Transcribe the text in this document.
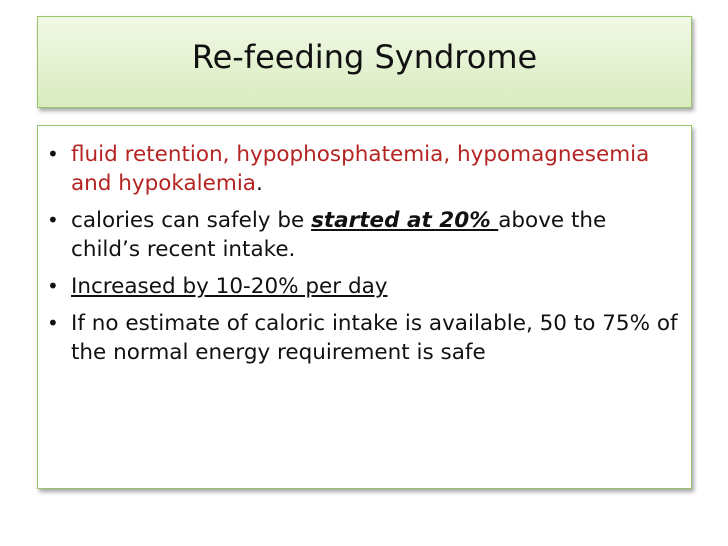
Re-feeding Syndrome
• fluid retention, hypophosphatemia, hypomagnesemia and hypokalemia.
• calories can safely be started at 20% above the child’s recent intake.
• Increased by 10-20% per day
• If no estimate of caloric intake is available, 50 to 75% of the normal energy requirement is safe
